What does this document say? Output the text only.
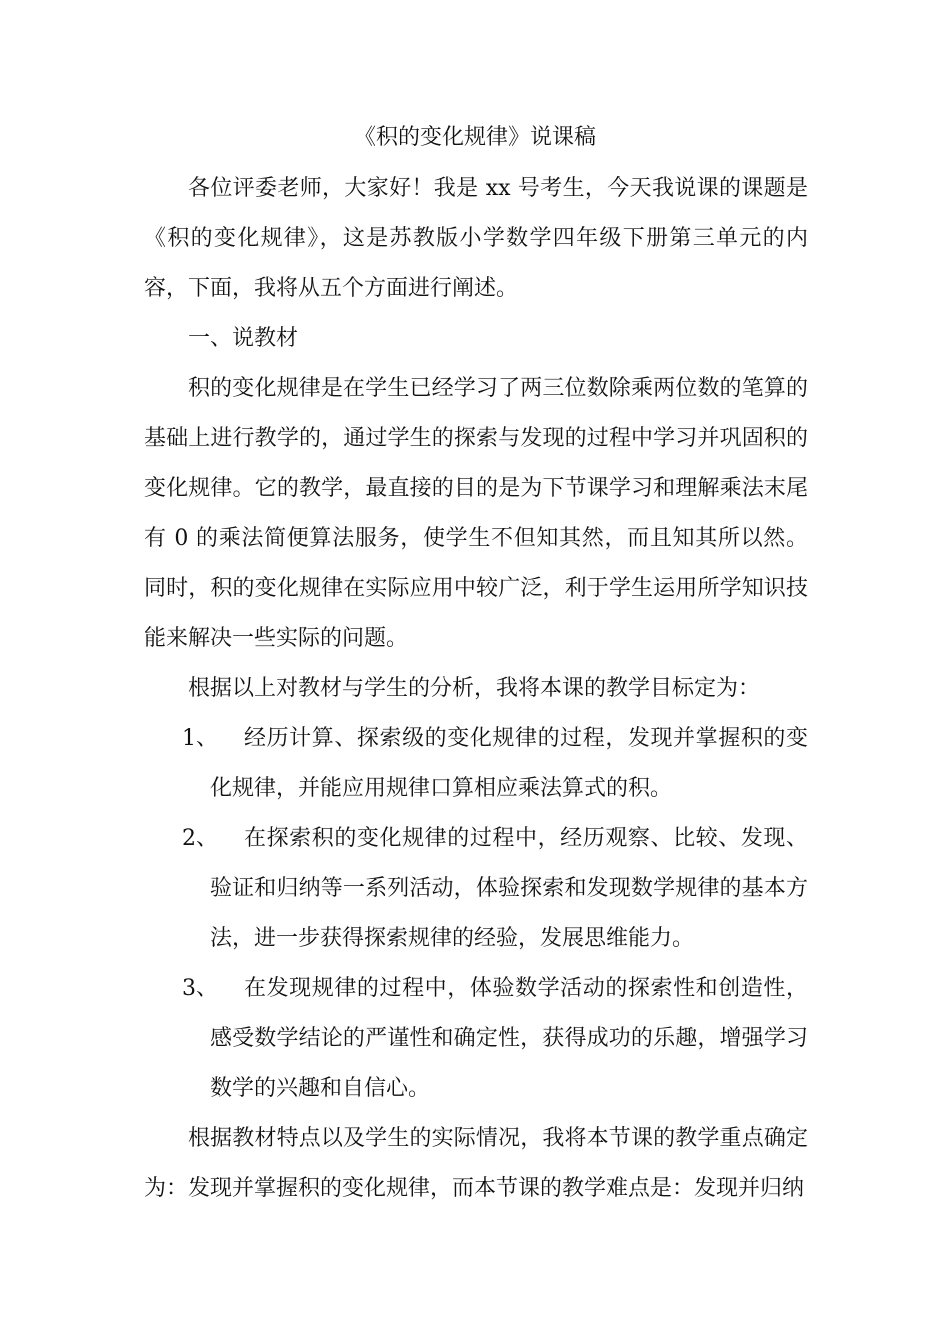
《积的变化规律》说课稿

各位评委老师，大家好！我是 xx 号考生，今天我说课的课题是《积的变化规律》，这是苏教版小学数学四年级下册第三单元的内容，下面，我将从五个方面进行阐述。

一、说教材

积的变化规律是在学生已经学习了两三位数除乘两位数的笔算的基础上进行教学的，通过学生的探索与发现的过程中学习并巩固积的变化规律。它的教学，最直接的目的是为下节课学习和理解乘法末尾有 0 的乘法简便算法服务，使学生不但知其然，而且知其所以然。同时，积的变化规律在实际应用中较广泛，利于学生运用所学知识技能来解决一些实际的问题。

根据以上对教材与学生的分析，我将本课的教学目标定为：

1、	经历计算、探索级的变化规律的过程，发现并掌握积的变化规律，并能应用规律口算相应乘法算式的积。

2、	在探索积的变化规律的过程中，经历观察、比较、发现、验证和归纳等一系列活动，体验探索和发现数学规律的基本方法，进一步获得探索规律的经验，发展思维能力。

3、	在发现规律的过程中，体验数学活动的探索性和创造性，感受数学结论的严谨性和确定性，获得成功的乐趣，增强学习数学的兴趣和自信心。

根据教材特点以及学生的实际情况，我将本节课的教学重点确定为：发现并掌握积的变化规律，而本节课的教学难点是：发现并归纳
